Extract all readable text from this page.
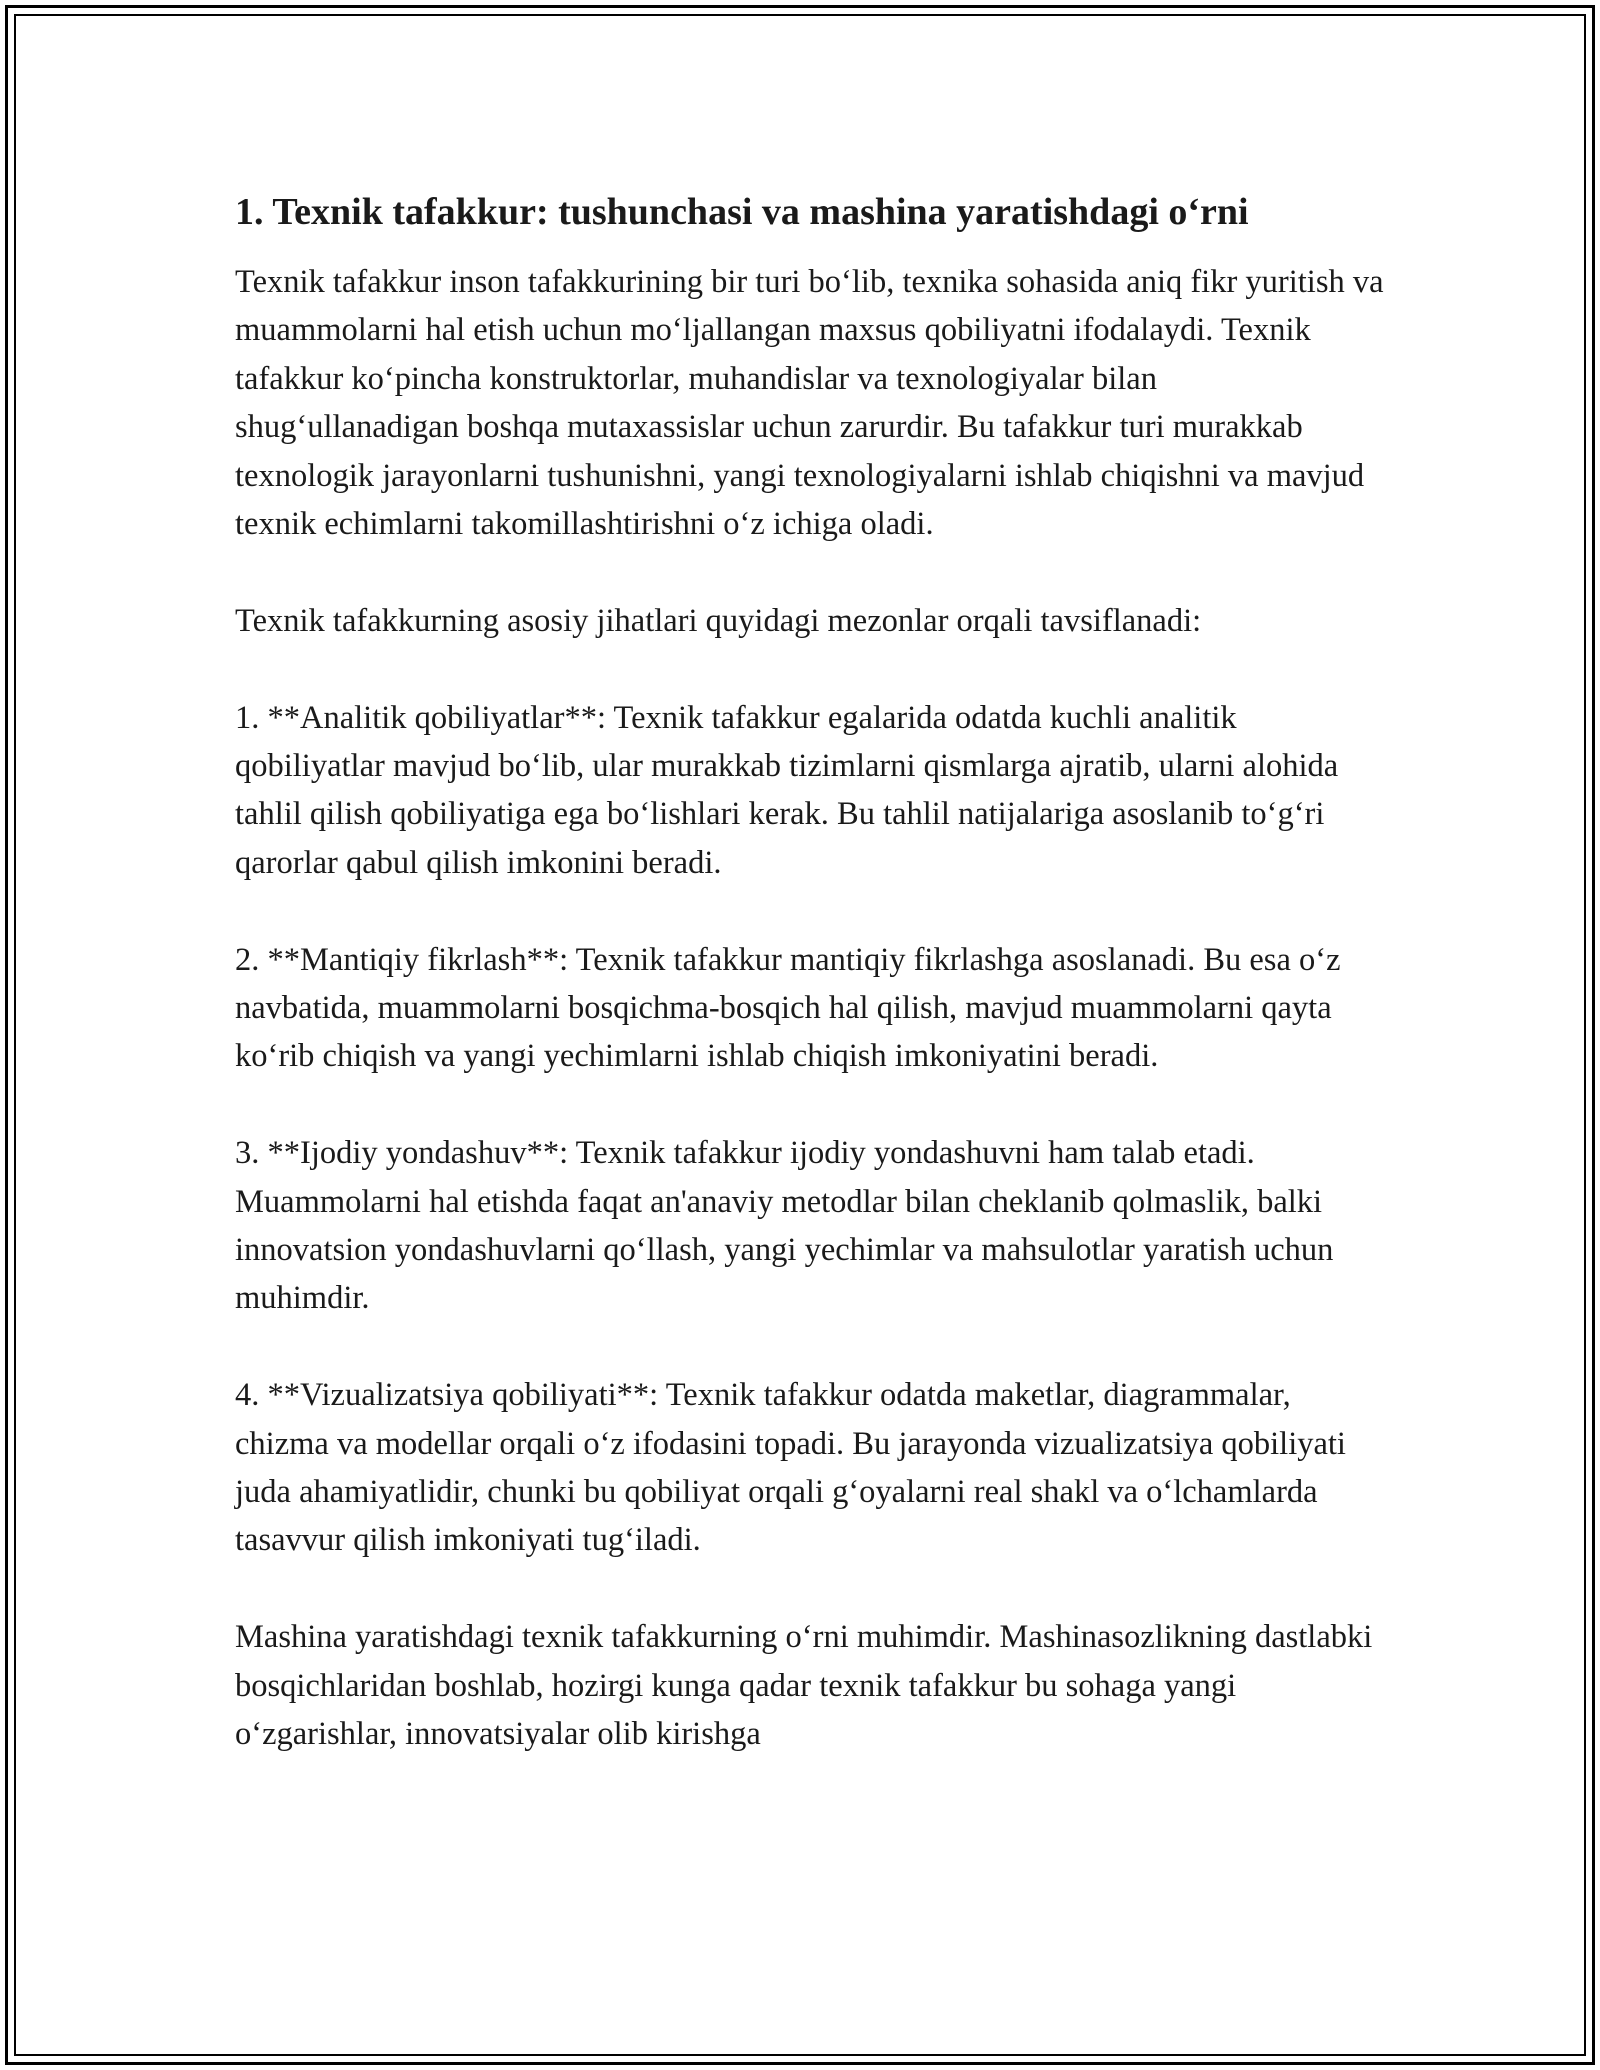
1. Texnik tafakkur: tushunchasi va mashina yaratishdagi o‘rni

Texnik tafakkur inson tafakkurining bir turi bo‘lib, texnika sohasida aniq fikr yuritish va muammolarni hal etish uchun mo‘ljallangan maxsus qobiliyatni ifodalaydi. Texnik tafakkur ko‘pincha konstruktorlar, muhandislar va texnologiyalar bilan shug‘ullanadigan boshqa mutaxassislar uchun zarurdir. Bu tafakkur turi murakkab texnologik jarayonlarni tushunishni, yangi texnologiyalarni ishlab chiqishni va mavjud texnik echimlarni takomillashtirishni o‘z ichiga oladi.

Texnik tafakkurning asosiy jihatlari quyidagi mezonlar orqali tavsiflanadi:

1. **Analitik qobiliyatlar**: Texnik tafakkur egalarida odatda kuchli analitik qobiliyatlar mavjud bo‘lib, ular murakkab tizimlarni qismlarga ajratib, ularni alohida tahlil qilish qobiliyatiga ega bo‘lishlari kerak. Bu tahlil natijalariga asoslanib to‘g‘ri qarorlar qabul qilish imkonini beradi.

2. **Mantiqiy fikrlash**: Texnik tafakkur mantiqiy fikrlashga asoslanadi. Bu esa o‘z navbatida, muammolarni bosqichma-bosqich hal qilish, mavjud muammolarni qayta ko‘rib chiqish va yangi yechimlarni ishlab chiqish imkoniyatini beradi.

3. **Ijodiy yondashuv**: Texnik tafakkur ijodiy yondashuvni ham talab etadi. Muammolarni hal etishda faqat an'anaviy metodlar bilan cheklanib qolmaslik, balki innovatsion yondashuvlarni qo‘llash, yangi yechimlar va mahsulotlar yaratish uchun muhimdir.

4. **Vizualizatsiya qobiliyati**: Texnik tafakkur odatda maketlar, diagrammalar, chizma va modellar orqali o‘z ifodasini topadi. Bu jarayonda vizualizatsiya qobiliyati juda ahamiyatlidir, chunki bu qobiliyat orqali g‘oyalarni real shakl va o‘lchamlarda tasavvur qilish imkoniyati tug‘iladi.

Mashina yaratishdagi texnik tafakkurning o‘rni muhimdir. Mashinasozlikning dastlabki bosqichlaridan boshlab, hozirgi kunga qadar texnik tafakkur bu sohaga yangi o‘zgarishlar, innovatsiyalar olib kirishga
